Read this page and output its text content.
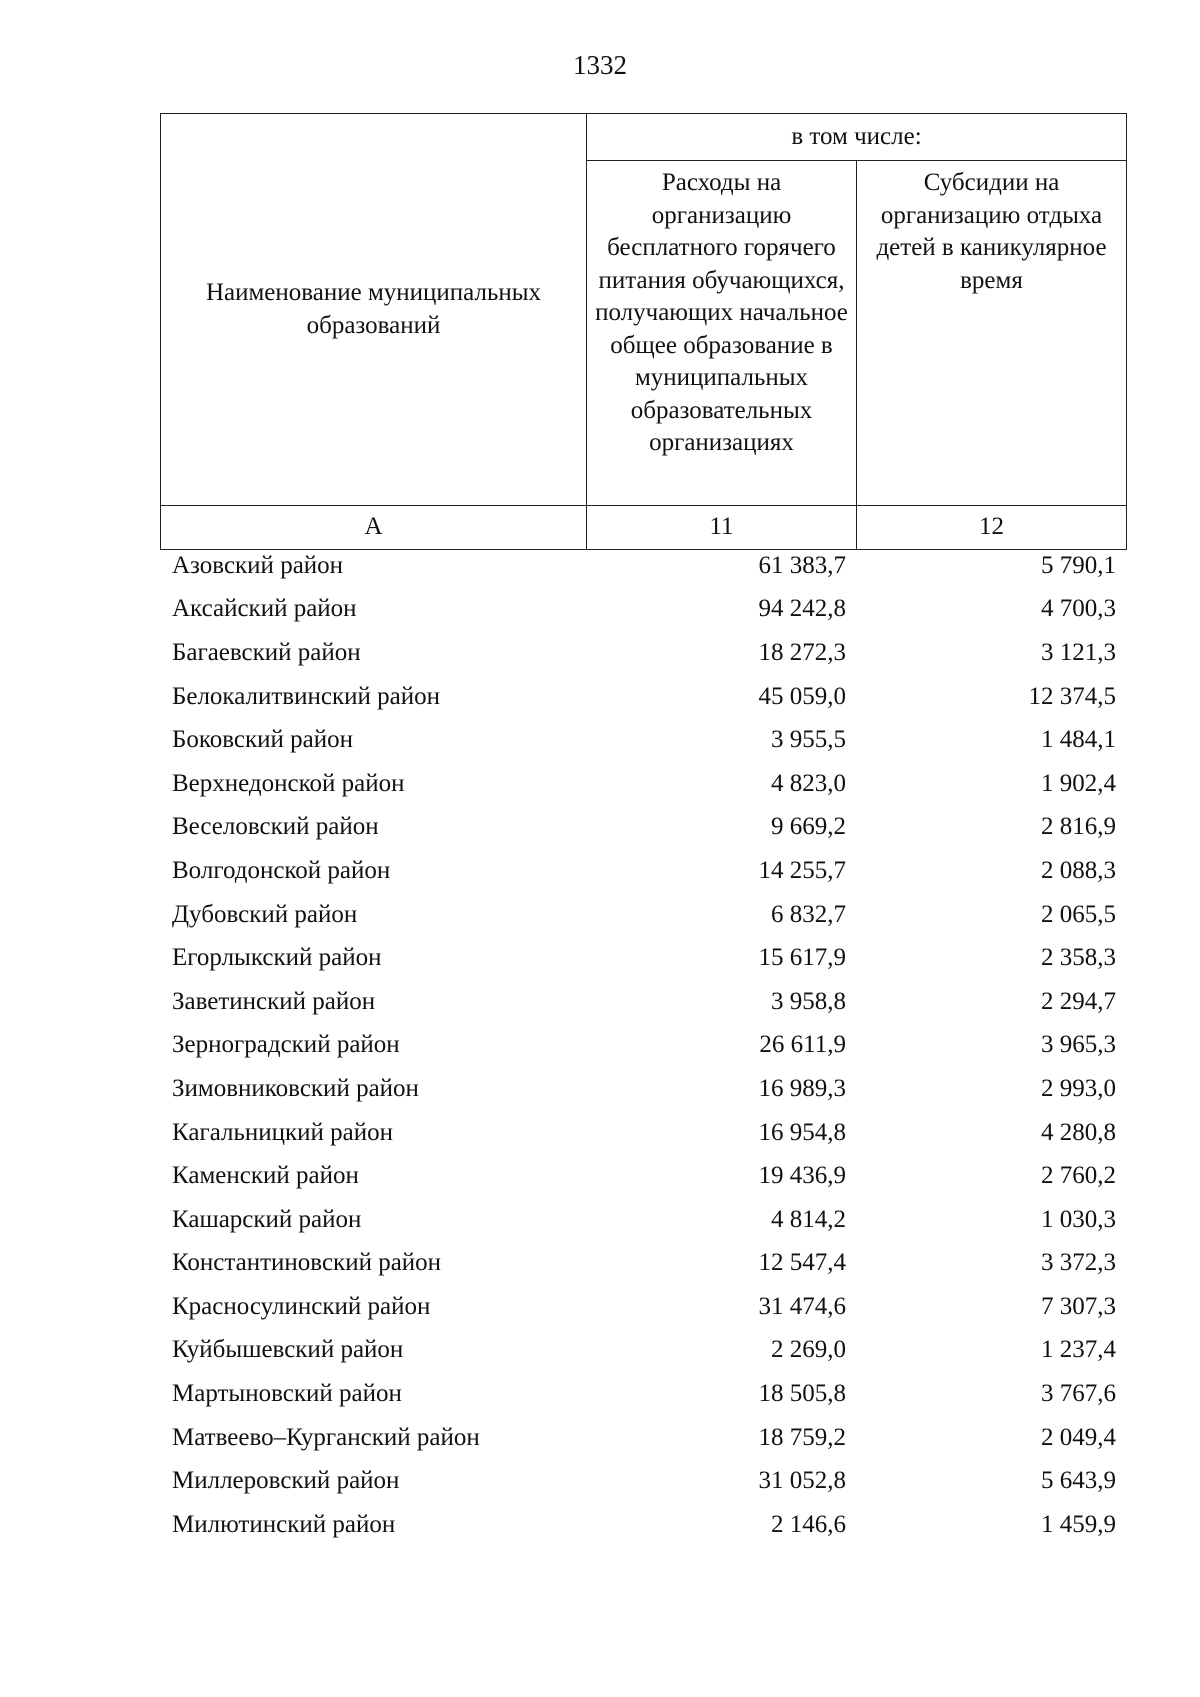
1332
Наименование муниципальных образований	в том числе:	
	Расходы на организацию бесплатного горячего питания обучающихся, получающих начальное общее образование в муниципальных образовательных организациях	Субсидии на организацию отдыха детей в каникулярное время
А	11	12
Азовский район	61 383,7	5 790,1
Аксайский район	94 242,8	4 700,3
Багаевский район	18 272,3	3 121,3
Белокалитвинский район	45 059,0	12 374,5
Боковский район	3 955,5	1 484,1
Верхнедонской район	4 823,0	1 902,4
Веселовский район	9 669,2	2 816,9
Волгодонской район	14 255,7	2 088,3
Дубовский район	6 832,7	2 065,5
Егорлыкский район	15 617,9	2 358,3
Заветинский район	3 958,8	2 294,7
Зерноградский район	26 611,9	3 965,3
Зимовниковский район	16 989,3	2 993,0
Кагальницкий район	16 954,8	4 280,8
Каменский район	19 436,9	2 760,2
Кашарский район	4 814,2	1 030,3
Константиновский район	12 547,4	3 372,3
Красносулинский район	31 474,6	7 307,3
Куйбышевский район	2 269,0	1 237,4
Мартыновский район	18 505,8	3 767,6
Матвеево–Курганский район	18 759,2	2 049,4
Миллеровский район	31 052,8	5 643,9
Милютинский район	2 146,6	1 459,9
